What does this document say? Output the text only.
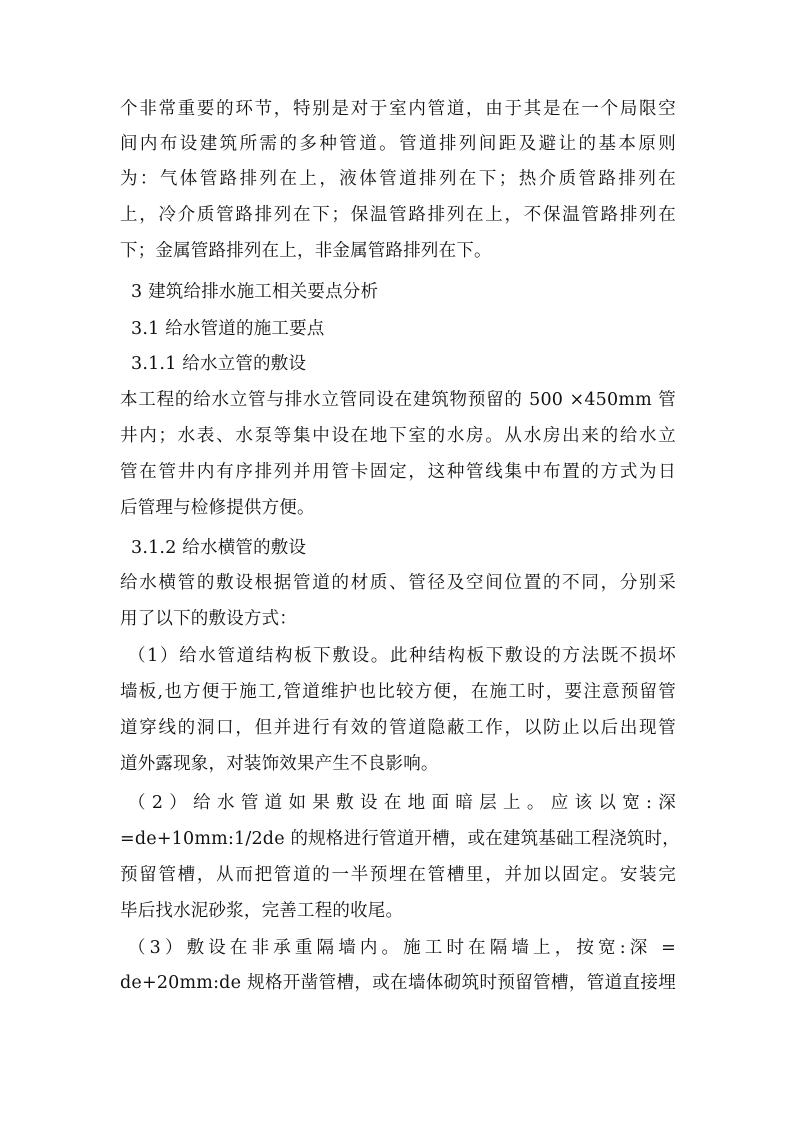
个非常重要的环节，特别是对于室内管道，由于其是在一个局限空
间内布设建筑所需的多种管道。管道排列间距及避让的基本原则
为：气体管路排列在上，液体管道排列在下；热介质管路排列在
上，冷介质管路排列在下；保温管路排列在上，不保温管路排列在
下；金属管路排列在上，非金属管路排列在下。
3 建筑给排水施工相关要点分析
3.1 给水管道的施工要点
3.1.1 给水立管的敷设
本工程的给水立管与排水立管同设在建筑物预留的 500 ×450mm 管
井内；水表、水泵等集中设在地下室的水房。从水房出来的给水立
管在管井内有序排列并用管卡固定，这种管线集中布置的方式为日
后管理与检修提供方便。
3.1.2 给水横管的敷设
给水横管的敷设根据管道的材质、管径及空间位置的不同，分别采
用了以下的敷设方式：
（1）给水管道结构板下敷设。此种结构板下敷设的方法既不损坏
墙板,也方便于施工,管道维护也比较方便，在施工时，要注意预留管
道穿线的洞口，但并进行有效的管道隐蔽工作，以防止以后出现管
道外露现象，对装饰效果产生不良影响。
（2）给水管道如果敷设在地面暗层上。应该以宽:深
=de+10mm:1/2de 的规格进行管道开槽，或在建筑基础工程浇筑时，
预留管槽，从而把管道的一半预埋在管槽里，并加以固定。安装完
毕后找水泥砂浆，完善工程的收尾。
（3）敷设在非承重隔墙内。施工时在隔墙上，按宽:深 =
de+20mm:de 规格开凿管槽，或在墙体砌筑时预留管槽，管道直接埋
